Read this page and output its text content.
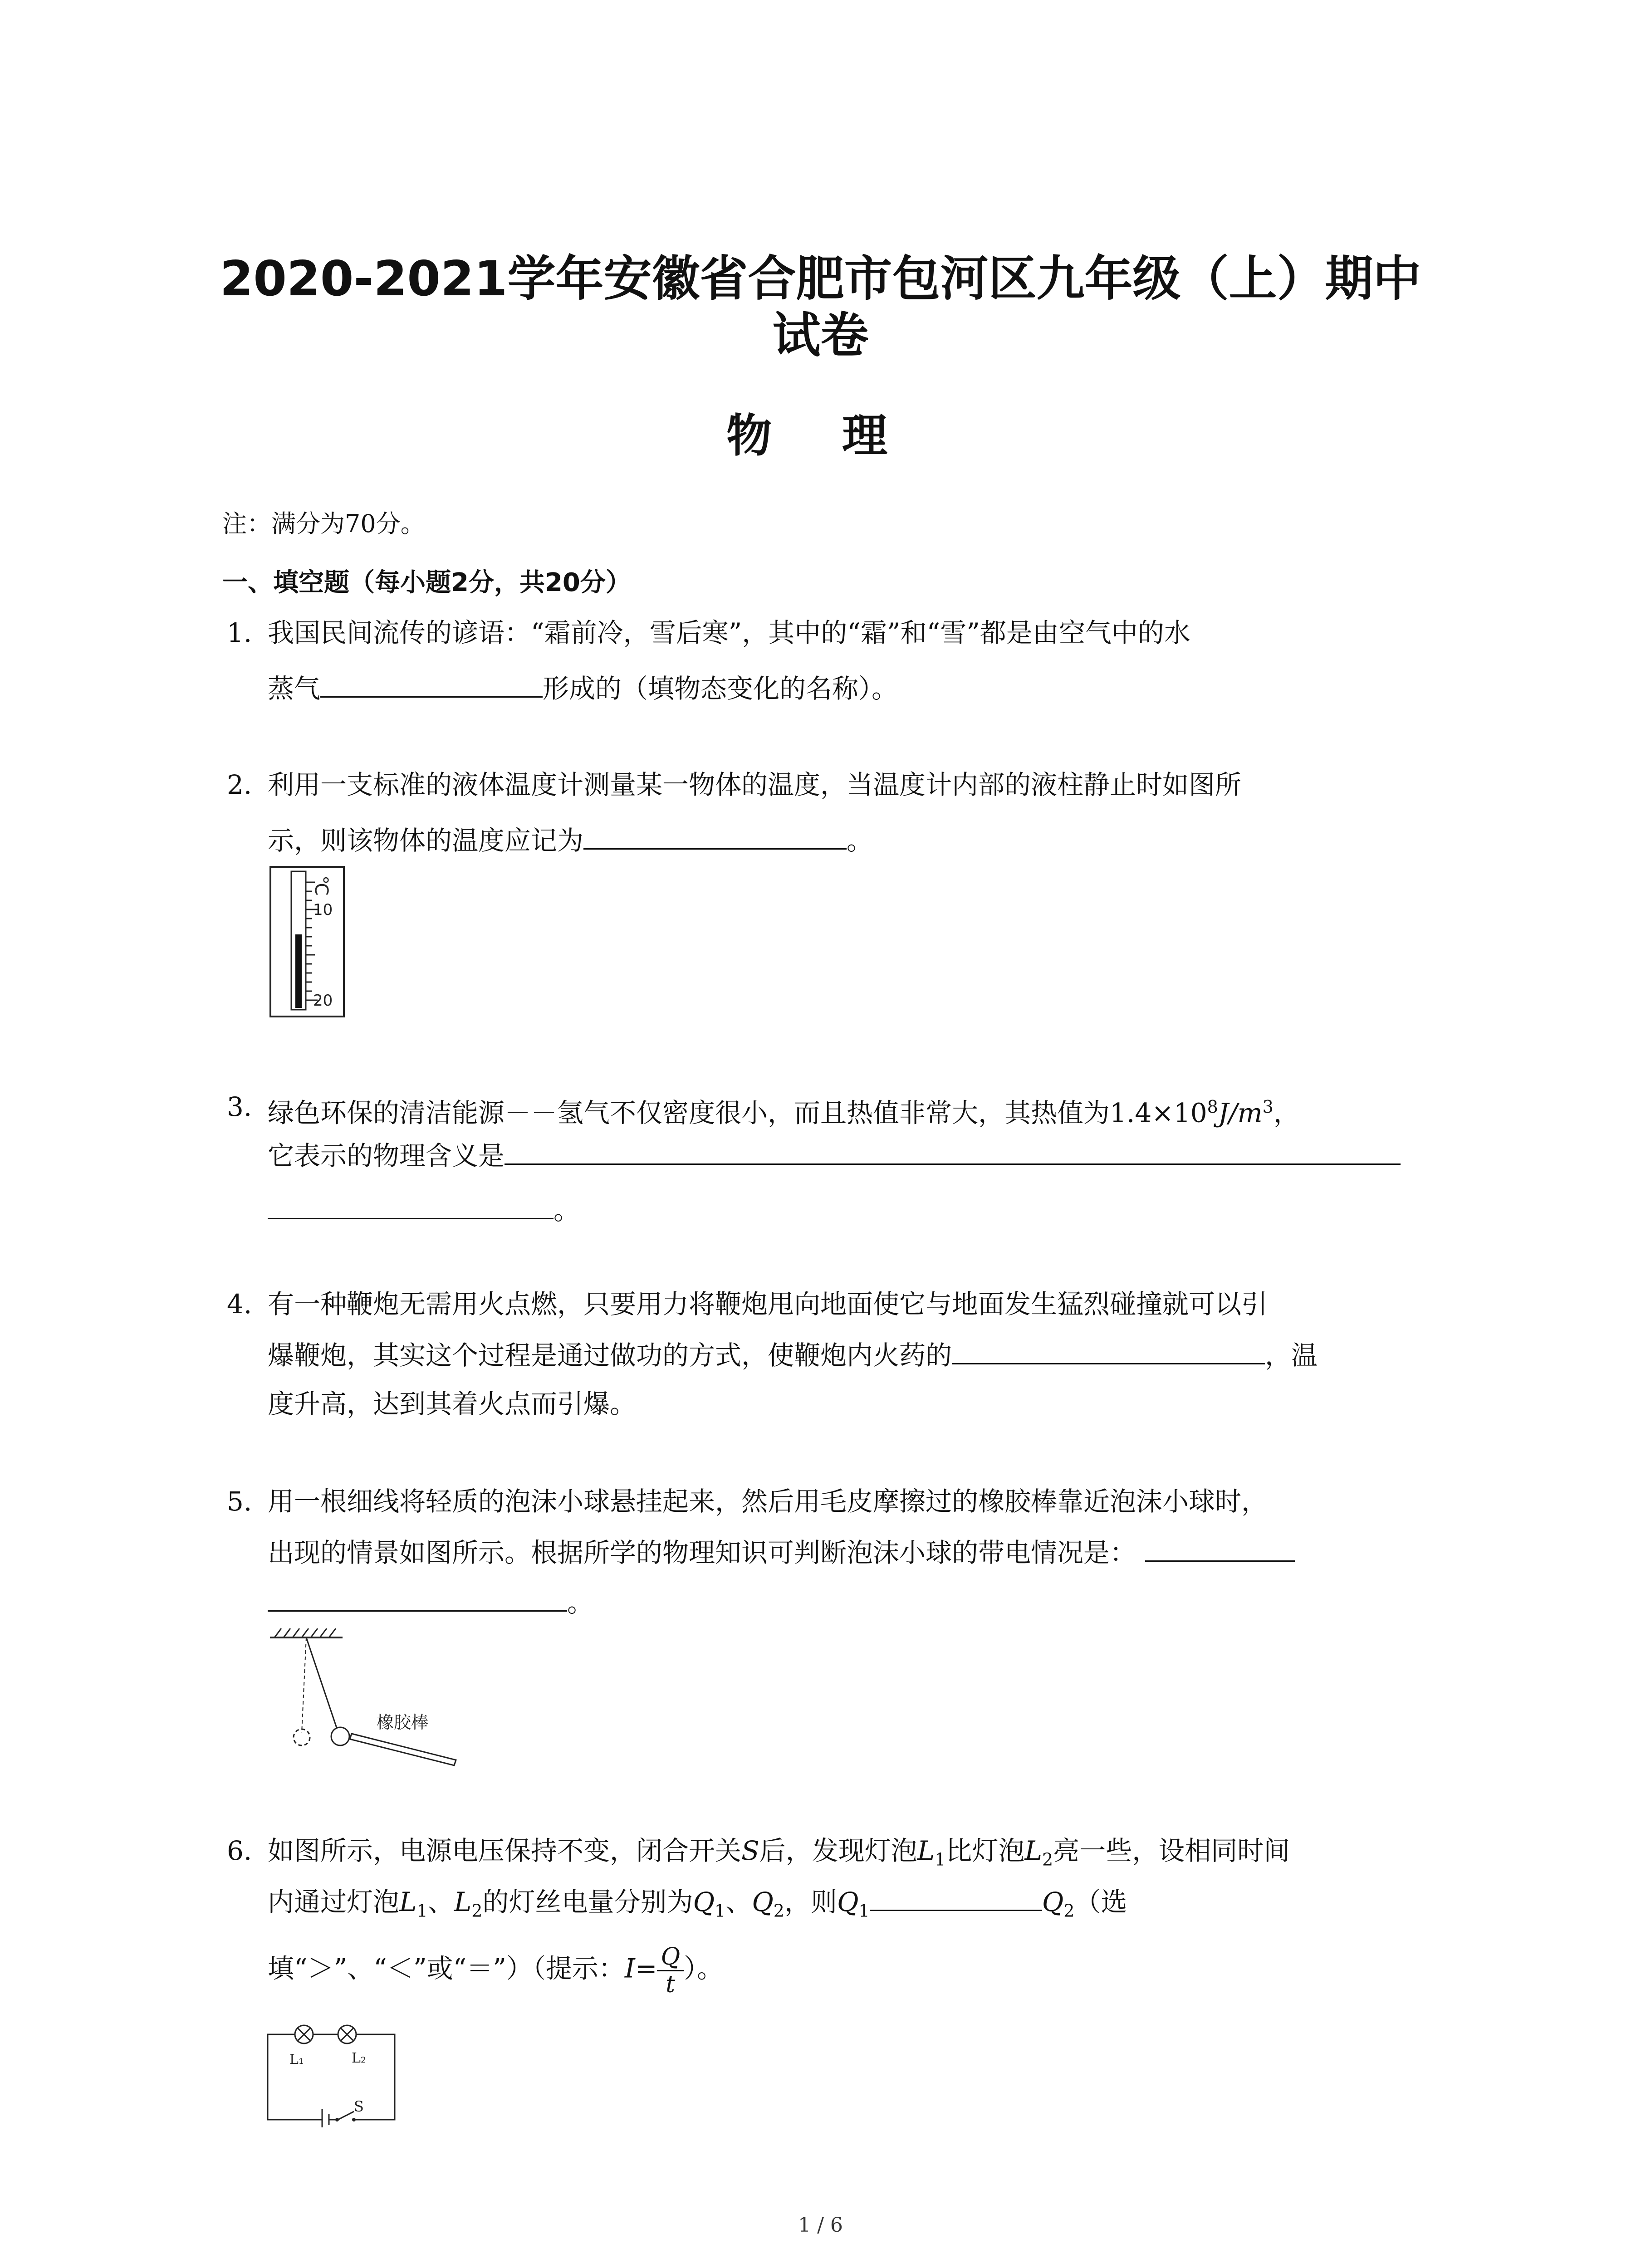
2020-2021学年安徽省合肥市包河区九年级（上）期中
试卷
物 理
注：满分为70分。
一、填空题（每小题2分，共20分）
1. 我国民间流传的谚语：“霜前冷，雪后寒”，其中的“霜”和“雪”都是由空气中的水
蒸气	形成的（填物态变化的名称）。
2. 利用一支标准的液体温度计测量某一物体的温度，当温度计内部的液柱静止时如图所
示，则该物体的温度应记为	。
℃
10
20
3. 绿色环保的清洁能源－－氢气不仅密度很小，而且热值非常大，其热值为$1.4\times 10^8J/m^3$，
它表示的物理含义是
。
4. 有一种鞭炮无需用火点燃，只要用力将鞭炮甩向地面使它与地面发生猛烈碰撞就可以引
爆鞭炮，其实这个过程是通过做功的方式，使鞭炮内火药的	，温
度升高，达到其着火点而引爆。
5. 用一根细线将轻质的泡沫小球悬挂起来，然后用毛皮摩擦过的橡胶棒靠近泡沫小球时，
出现的情景如图所示。根据所学的物理知识可判断泡沫小球的带电情况是：
。
橡胶棒
6. 如图所示，电源电压保持不变，闭合开关S后，发现灯泡$L_1$比灯泡$L_2$亮一些，设相同时间
内通过灯泡$L_1$、$L_2$的灯丝电量分别为$Q_1$、$Q_2$，则$Q_1$	$Q_2$（选
填“＞”、“＜”或“＝”）（提示：$I= \frac{Q}{t}$ ）。
L₁	L₂
S
1 / 6
